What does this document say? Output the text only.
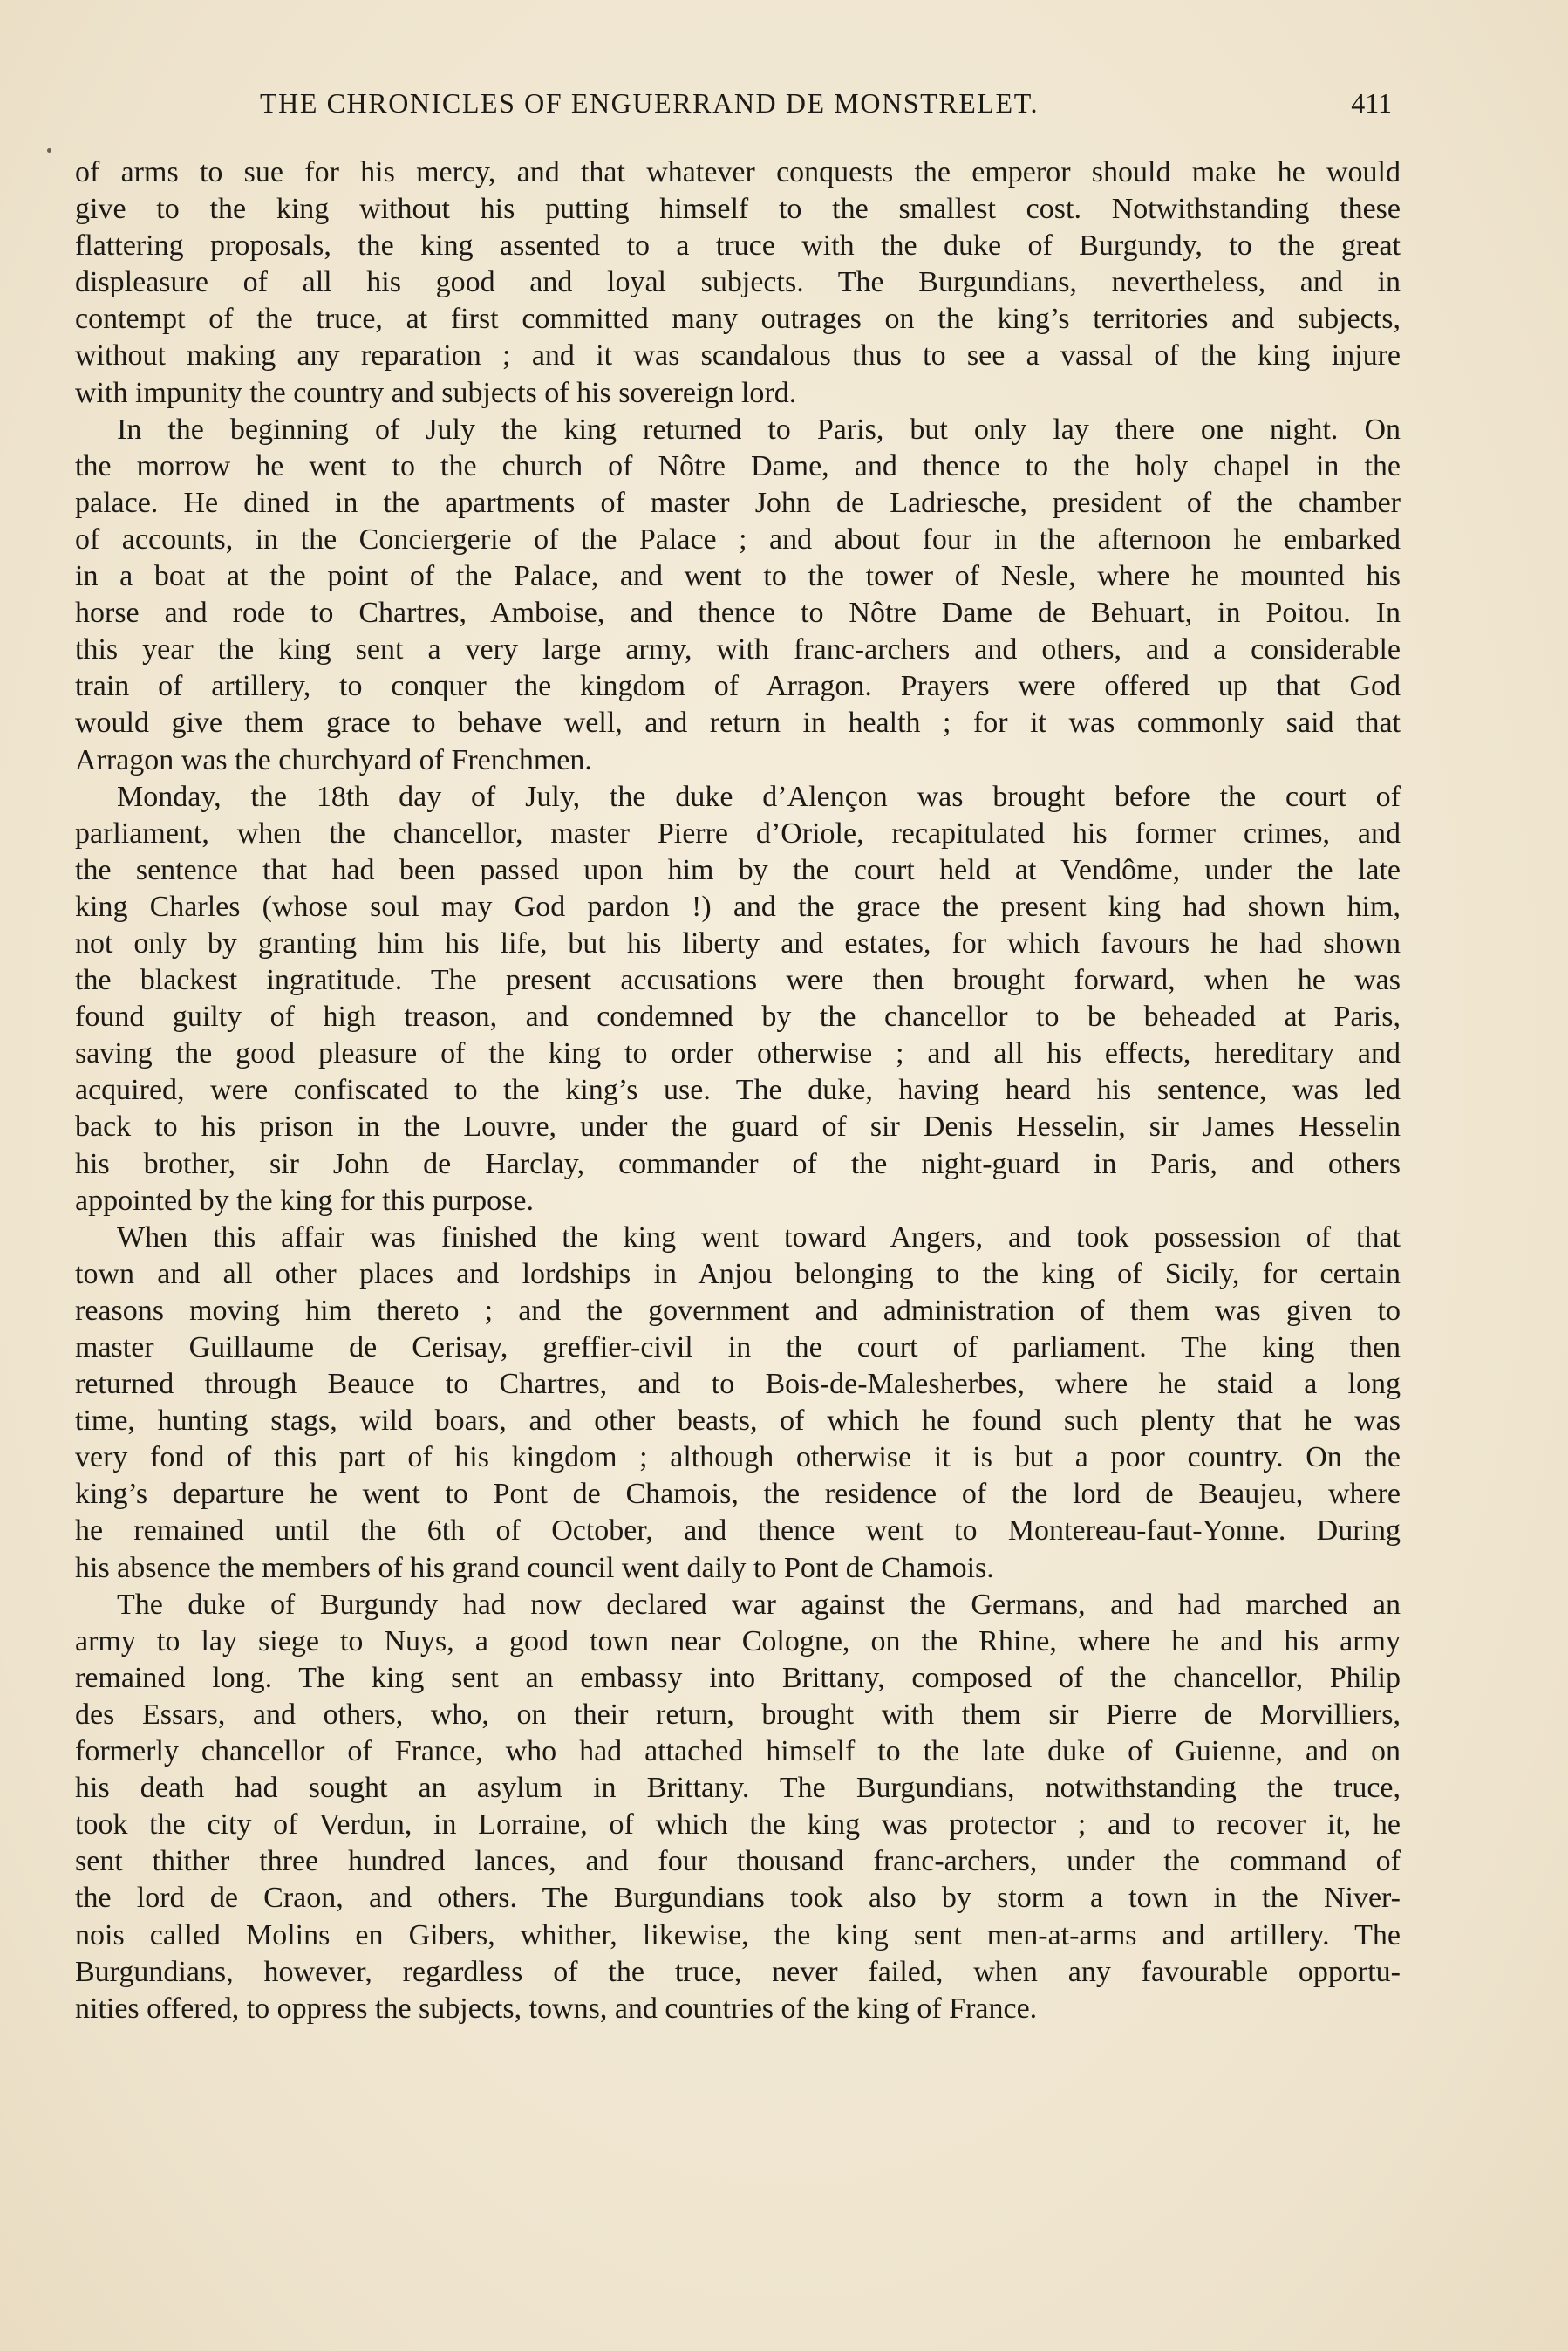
THE CHRONICLES OF ENGUERRAND DE MONSTRELET.	411
of arms to sue for his mercy, and that whatever conquests the emperor should make he would
give to the king without his putting himself to the smallest cost. Notwithstanding these
flattering proposals, the king assented to a truce with the duke of Burgundy, to the great
displeasure of all his good and loyal subjects. The Burgundians, nevertheless, and in
contempt of the truce, at first committed many outrages on the king’s territories and subjects,
without making any reparation ; and it was scandalous thus to see a vassal of the king injure
with impunity the country and subjects of his sovereign lord.
In the beginning of July the king returned to Paris, but only lay there one night. On
the morrow he went to the church of Nôtre Dame, and thence to the holy chapel in the
palace. He dined in the apartments of master John de Ladriesche, president of the chamber
of accounts, in the Conciergerie of the Palace ; and about four in the afternoon he embarked
in a boat at the point of the Palace, and went to the tower of Nesle, where he mounted his
horse and rode to Chartres, Amboise, and thence to Nôtre Dame de Behuart, in Poitou. In
this year the king sent a very large army, with franc-archers and others, and a considerable
train of artillery, to conquer the kingdom of Arragon. Prayers were offered up that God
would give them grace to behave well, and return in health ; for it was commonly said that
Arragon was the churchyard of Frenchmen.
Monday, the 18th day of July, the duke d’Alençon was brought before the court of
parliament, when the chancellor, master Pierre d’Oriole, recapitulated his former crimes, and
the sentence that had been passed upon him by the court held at Vendôme, under the late
king Charles (whose soul may God pardon !) and the grace the present king had shown him,
not only by granting him his life, but his liberty and estates, for which favours he had shown
the blackest ingratitude. The present accusations were then brought forward, when he was
found guilty of high treason, and condemned by the chancellor to be beheaded at Paris,
saving the good pleasure of the king to order otherwise ; and all his effects, hereditary and
acquired, were confiscated to the king’s use. The duke, having heard his sentence, was led
back to his prison in the Louvre, under the guard of sir Denis Hesselin, sir James Hesselin
his brother, sir John de Harclay, commander of the night-guard in Paris, and others
appointed by the king for this purpose.
When this affair was finished the king went toward Angers, and took possession of that
town and all other places and lordships in Anjou belonging to the king of Sicily, for certain
reasons moving him thereto ; and the government and administration of them was given to
master Guillaume de Cerisay, greffier-civil in the court of parliament. The king then
returned through Beauce to Chartres, and to Bois-de-Malesherbes, where he staid a long
time, hunting stags, wild boars, and other beasts, of which he found such plenty that he was
very fond of this part of his kingdom ; although otherwise it is but a poor country. On the
king’s departure he went to Pont de Chamois, the residence of the lord de Beaujeu, where
he remained until the 6th of October, and thence went to Montereau-faut-Yonne. During
his absence the members of his grand council went daily to Pont de Chamois.
The duke of Burgundy had now declared war against the Germans, and had marched an
army to lay siege to Nuys, a good town near Cologne, on the Rhine, where he and his army
remained long. The king sent an embassy into Brittany, composed of the chancellor, Philip
des Essars, and others, who, on their return, brought with them sir Pierre de Morvilliers,
formerly chancellor of France, who had attached himself to the late duke of Guienne, and on
his death had sought an asylum in Brittany. The Burgundians, notwithstanding the truce,
took the city of Verdun, in Lorraine, of which the king was protector ; and to recover it, he
sent thither three hundred lances, and four thousand franc-archers, under the command of
the lord de Craon, and others. The Burgundians took also by storm a town in the Niver-
nois called Molins en Gibers, whither, likewise, the king sent men-at-arms and artillery. The
Burgundians, however, regardless of the truce, never failed, when any favourable opportu-
nities offered, to oppress the subjects, towns, and countries of the king of France.
